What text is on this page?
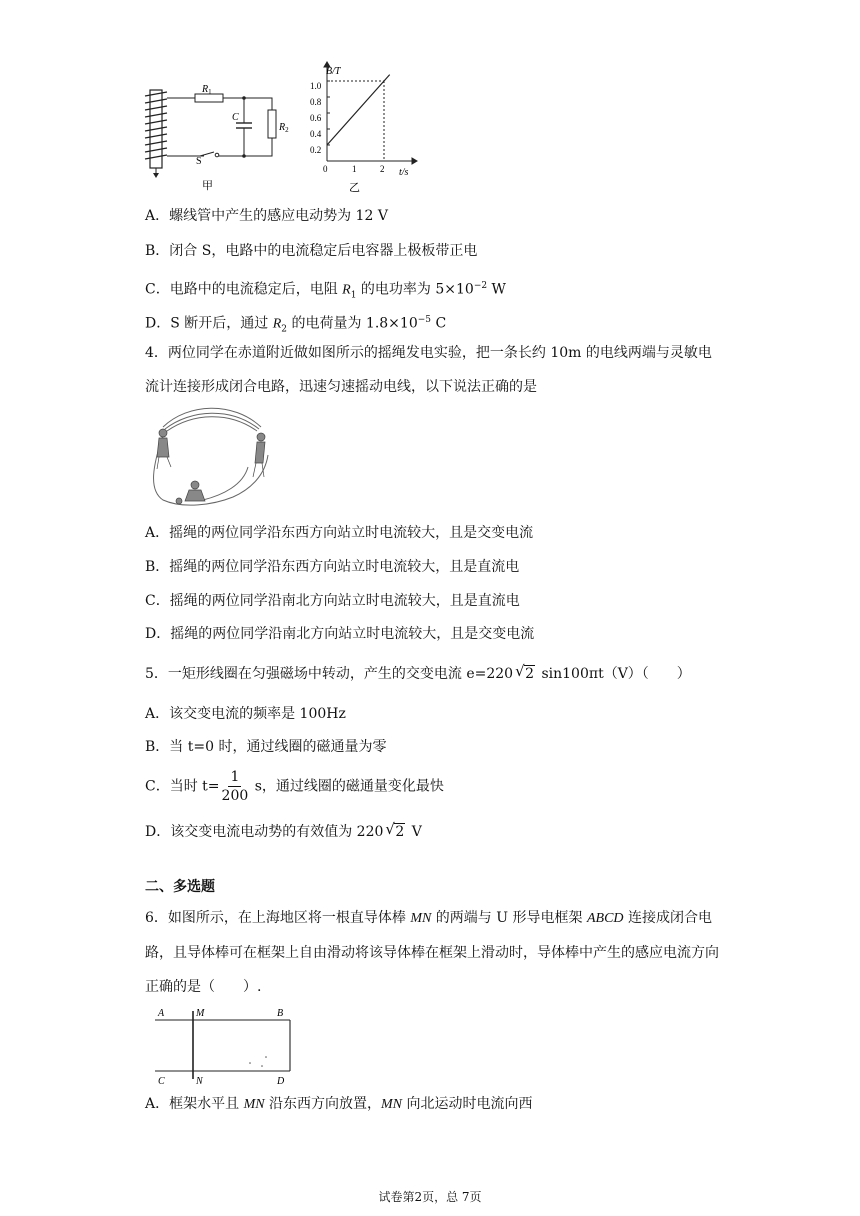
$R_1$
C
$R_2$
S
甲
B/T
t/s
0	1	2
0.2
0.4
0.6
0.8
1.0
乙
A．螺线管中产生的感应电动势为 12 V
B．闭合 S，电路中的电流稳定后电容器上极板带正电
C．电路中的电流稳定后，电阻 $R_1$ 的电功率为 $5\times 10^{-2}$ W
D．S 断开后，通过 $R_2$ 的电荷量为 $1.8\times 10^{-5}$ C
4．两位同学在赤道附近做如图所示的摇绳发电实验，把一条长约 10m 的电线两端与灵敏电流计连接形成闭合电路，迅速匀速摇动电线，以下说法正确的是
A．摇绳的两位同学沿东西方向站立时电流较大，且是交变电流
B．摇绳的两位同学沿东西方向站立时电流较大，且是直流电
C．摇绳的两位同学沿南北方向站立时电流较大，且是直流电
D．摇绳的两位同学沿南北方向站立时电流较大，且是交变电流
5．一矩形线圈在匀强磁场中转动，产生的交变电流 e=220 √ 2 sin100πt（V）（　　）
A．该交变电流的频率是 100Hz
B．当 t=0 时，通过线圈的磁通量为零
C．当时 $t= \frac{1}{200}$ s，通过线圈的磁通量变化最快
D．该交变电流电动势的有效值为 220 √ 2 V
二、多选题
6．如图所示，在上海地区将一根直导体棒 MN 的两端与 U 形导电框架 ABCD 连接成闭合电路，且导体棒可在框架上自由滑动将该导体棒在框架上滑动时，导体棒中产生的感应电流方向正确的是（　　）.
A	M	B
C	N	D
A．框架水平且 MN 沿东西方向放置，MN 向北运动时电流向西
试卷第2页，总 7页
